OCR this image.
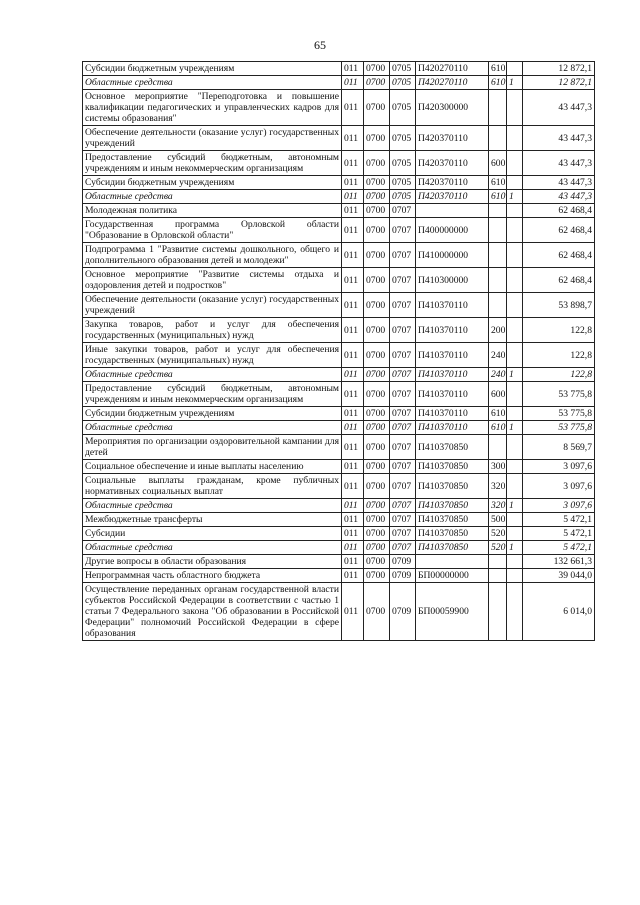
65
Субсидии бюджетным учреждениям	011	0700	0705	П420270110	610		12 872,1
Областные средства	011	0700	0705	П420270110	610	1	12 872,1
Основное мероприятие "Переподготовка и повышение квалификации педагогических и управленческих кадров для системы образования"	011	0700	0705	П420300000			43 447,3
Обеспечение деятельности (оказание услуг) государственных учреждений	011	0700	0705	П420370110			43 447,3
Предоставление субсидий бюджетным, автономным учреждениям и иным некоммерческим организациям	011	0700	0705	П420370110	600		43 447,3
Субсидии бюджетным учреждениям	011	0700	0705	П420370110	610		43 447,3
Областные средства	011	0700	0705	П420370110	610	1	43 447,3
Молодежная политика	011	0700	0707				62 468,4
Государственная программа Орловской области "Образование в Орловской области"	011	0700	0707	П400000000			62 468,4
Подпрограмма 1 "Развитие системы дошкольного, общего и дополнительного образования детей и молодежи"	011	0700	0707	П410000000			62 468,4
Основное мероприятие "Развитие системы отдыха и оздоровления детей и подростков"	011	0700	0707	П410300000			62 468,4
Обеспечение деятельности (оказание услуг) государственных учреждений	011	0700	0707	П410370110			53 898,7
Закупка товаров, работ и услуг для обеспечения государственных (муниципальных) нужд	011	0700	0707	П410370110	200		122,8
Иные закупки товаров, работ и услуг для обеспечения государственных (муниципальных) нужд	011	0700	0707	П410370110	240		122,8
Областные средства	011	0700	0707	П410370110	240	1	122,8
Предоставление субсидий бюджетным, автономным учреждениям и иным некоммерческим организациям	011	0700	0707	П410370110	600		53 775,8
Субсидии бюджетным учреждениям	011	0700	0707	П410370110	610		53 775,8
Областные средства	011	0700	0707	П410370110	610	1	53 775,8
Мероприятия по организации оздоровительной кампании для детей	011	0700	0707	П410370850			8 569,7
Социальное обеспечение и иные выплаты населению	011	0700	0707	П410370850	300		3 097,6
Социальные выплаты гражданам, кроме публичных нормативных социальных выплат	011	0700	0707	П410370850	320		3 097,6
Областные средства	011	0700	0707	П410370850	320	1	3 097,6
Межбюджетные трансферты	011	0700	0707	П410370850	500		5 472,1
Субсидии	011	0700	0707	П410370850	520		5 472,1
Областные средства	011	0700	0707	П410370850	520	1	5 472,1
Другие вопросы в области образования	011	0700	0709				132 661,3
Непрограммная часть областного бюджета	011	0700	0709	БП00000000			39 044,0
Осуществление переданных органам государственной власти субъектов Российской Федерации в соответствии с частью 1 статьи 7 Федерального закона "Об образовании в Российской Федерации" полномочий Российской Федерации в сфере образования	011	0700	0709	БП00059900			6 014,0
